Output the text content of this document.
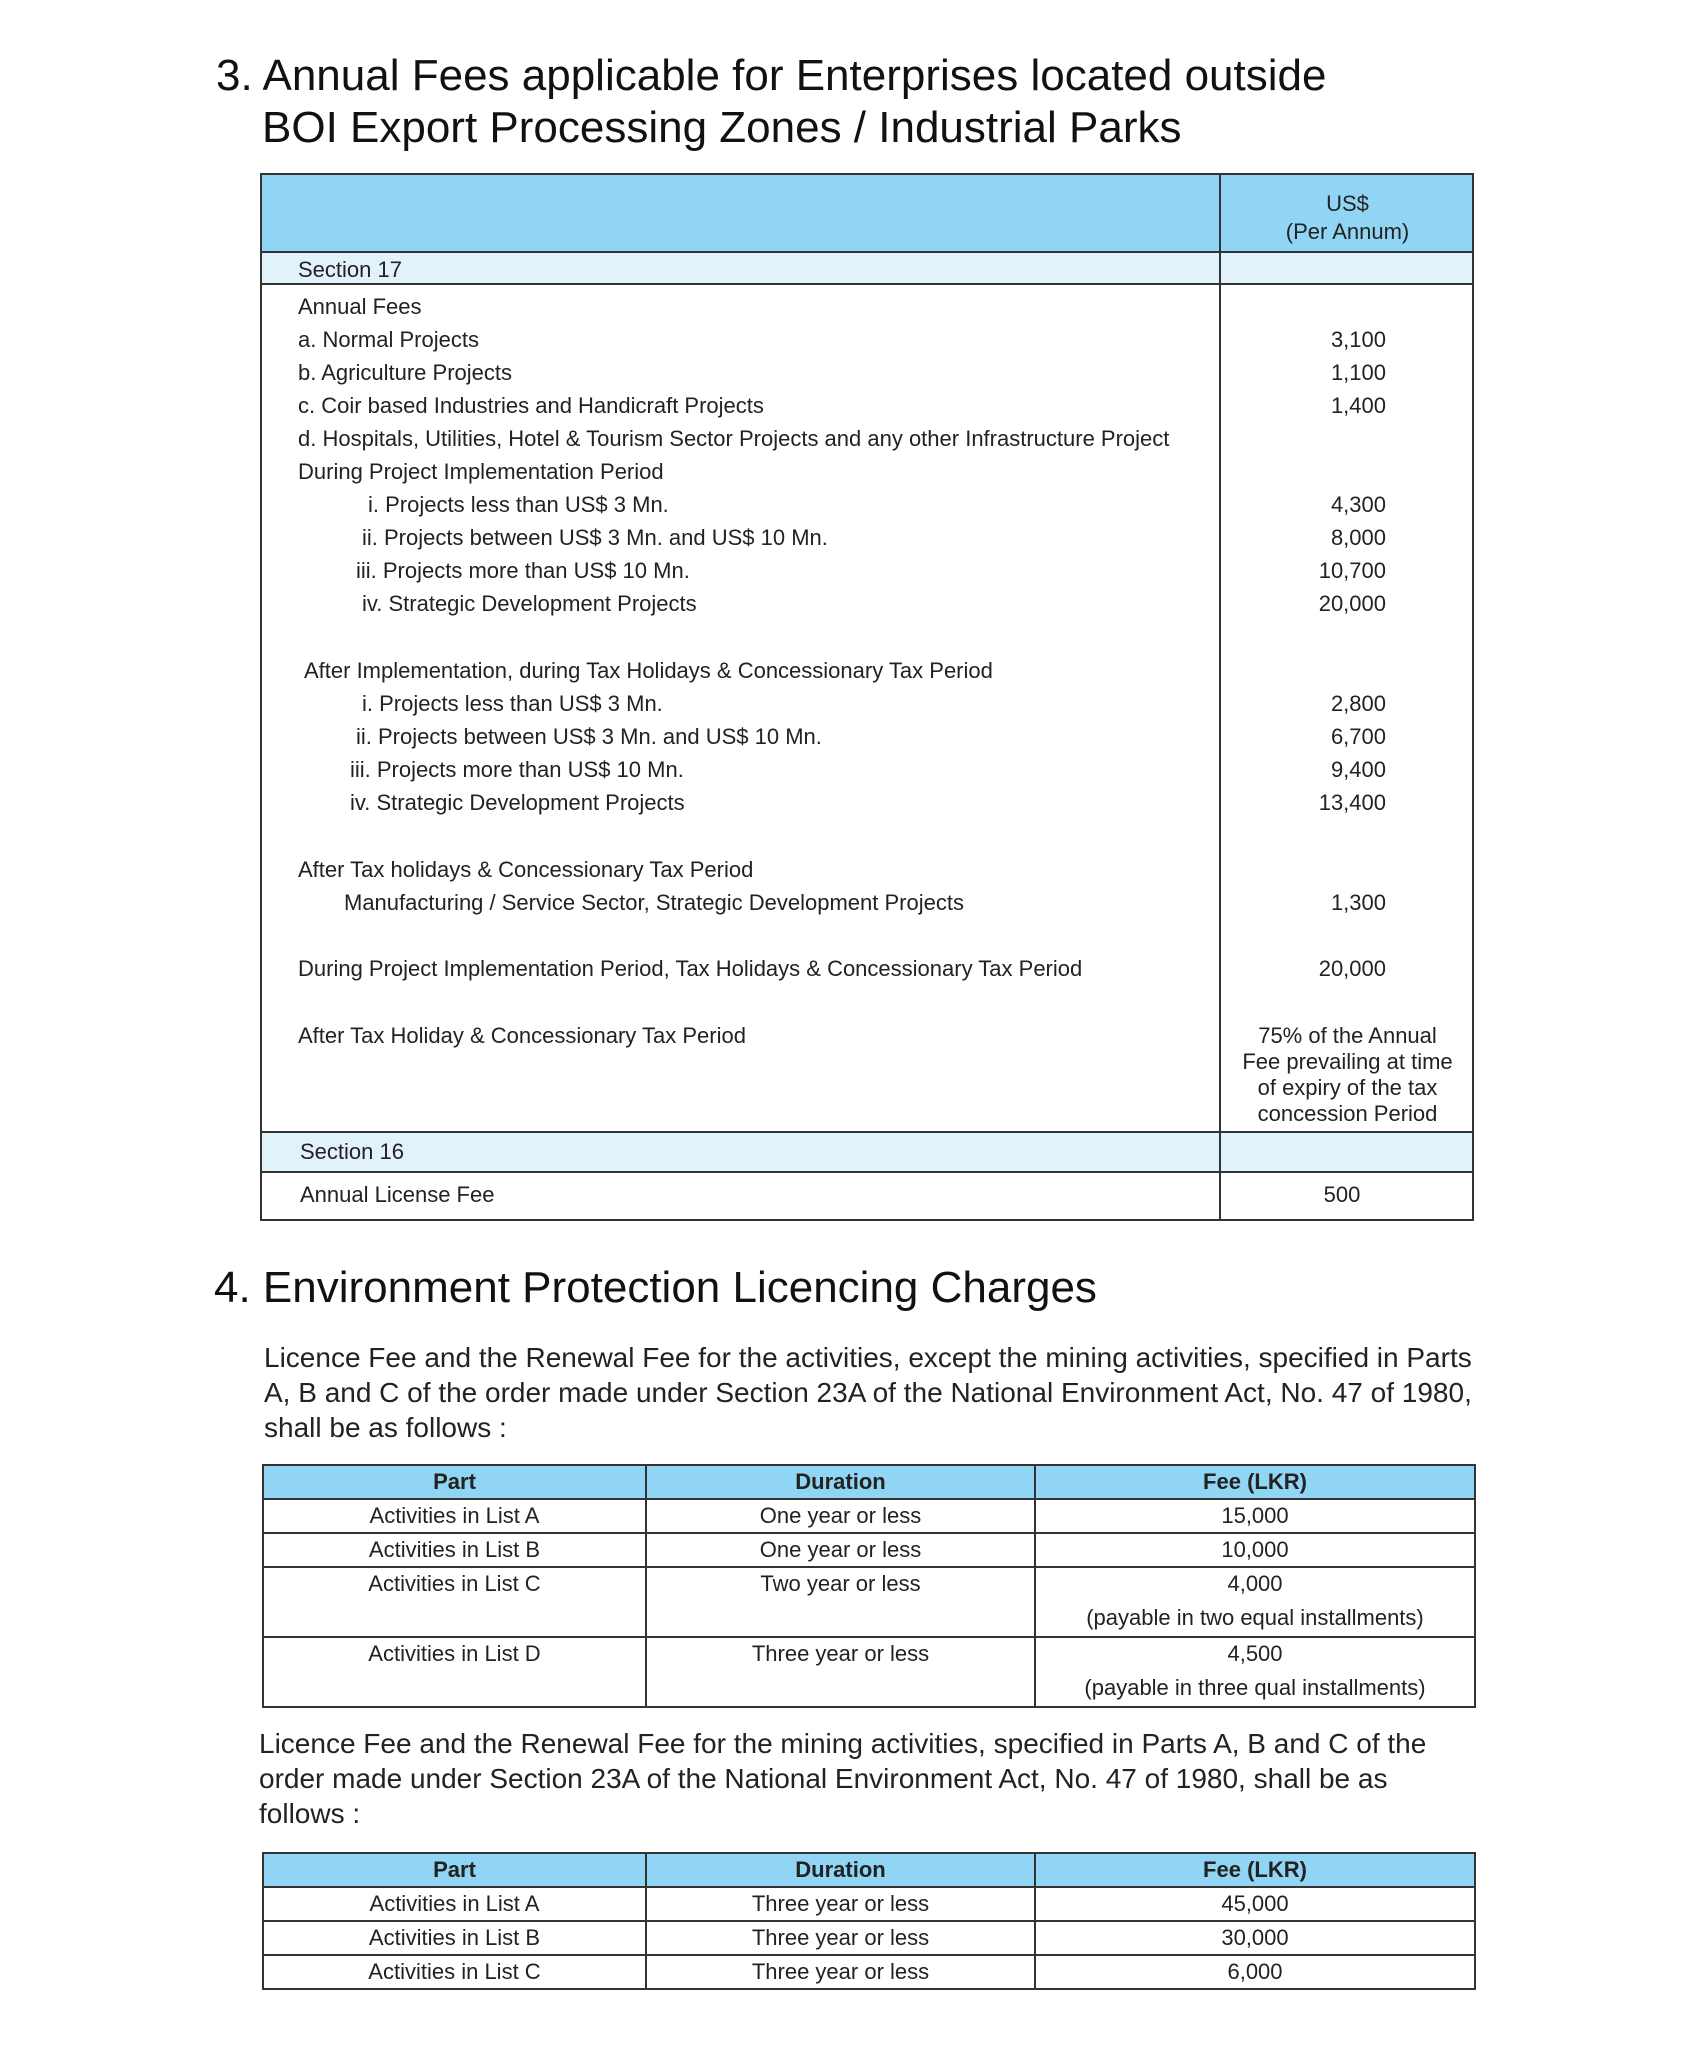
3. Annual Fees applicable for Enterprises located outside
BOI Export Processing Zones / Industrial Parks
US$
(Per Annum)
Section 17
Annual Fees
a. Normal Projects	3,100
b. Agriculture Projects	1,100
c. Coir based Industries and Handicraft Projects	1,400
d. Hospitals, Utilities, Hotel & Tourism Sector Projects and any other Infrastructure Project
During Project Implementation Period
i. Projects less than US$ 3 Mn.	4,300
ii. Projects between US$ 3 Mn. and US$ 10 Mn.	8,000
iii. Projects more than US$ 10 Mn.	10,700
iv. Strategic Development Projects	20,000
After Implementation, during Tax Holidays & Concessionary Tax Period
i. Projects less than US$ 3 Mn.	2,800
ii. Projects between US$ 3 Mn. and US$ 10 Mn.	6,700
iii. Projects more than US$ 10 Mn.	9,400
iv. Strategic Development Projects	13,400
After Tax holidays & Concessionary Tax Period
Manufacturing / Service Sector, Strategic Development Projects	1,300
During Project Implementation Period, Tax Holidays & Concessionary Tax Period	20,000
After Tax Holiday & Concessionary Tax Period	75% of the Annual
Fee prevailing at time
of expiry of the tax
concession Period
Section 16
Annual License Fee	500
4. Environment Protection Licencing Charges
Licence Fee and the Renewal Fee for the activities, except the mining activities, specified in Parts
A, B and C of the order made under Section 23A of the National Environment Act, No. 47 of 1980,
shall be as follows :
Part	Duration	Fee (LKR)
Activities in List A	One year or less	15,000
Activities in List B	One year or less	10,000
Activities in List C	Two year or less	4,000
(payable in two equal installments)

Activities in List D	Three year or less	4,500
(payable in three qual installments)
Licence Fee and the Renewal Fee for the mining activities, specified in Parts A, B and C of the
order made under Section 23A of the National Environment Act, No. 47 of 1980, shall be as
follows :
Part	Duration	Fee (LKR)
Activities in List A	Three year or less	45,000
Activities in List B	Three year or less	30,000
Activities in List C	Three year or less	6,000
